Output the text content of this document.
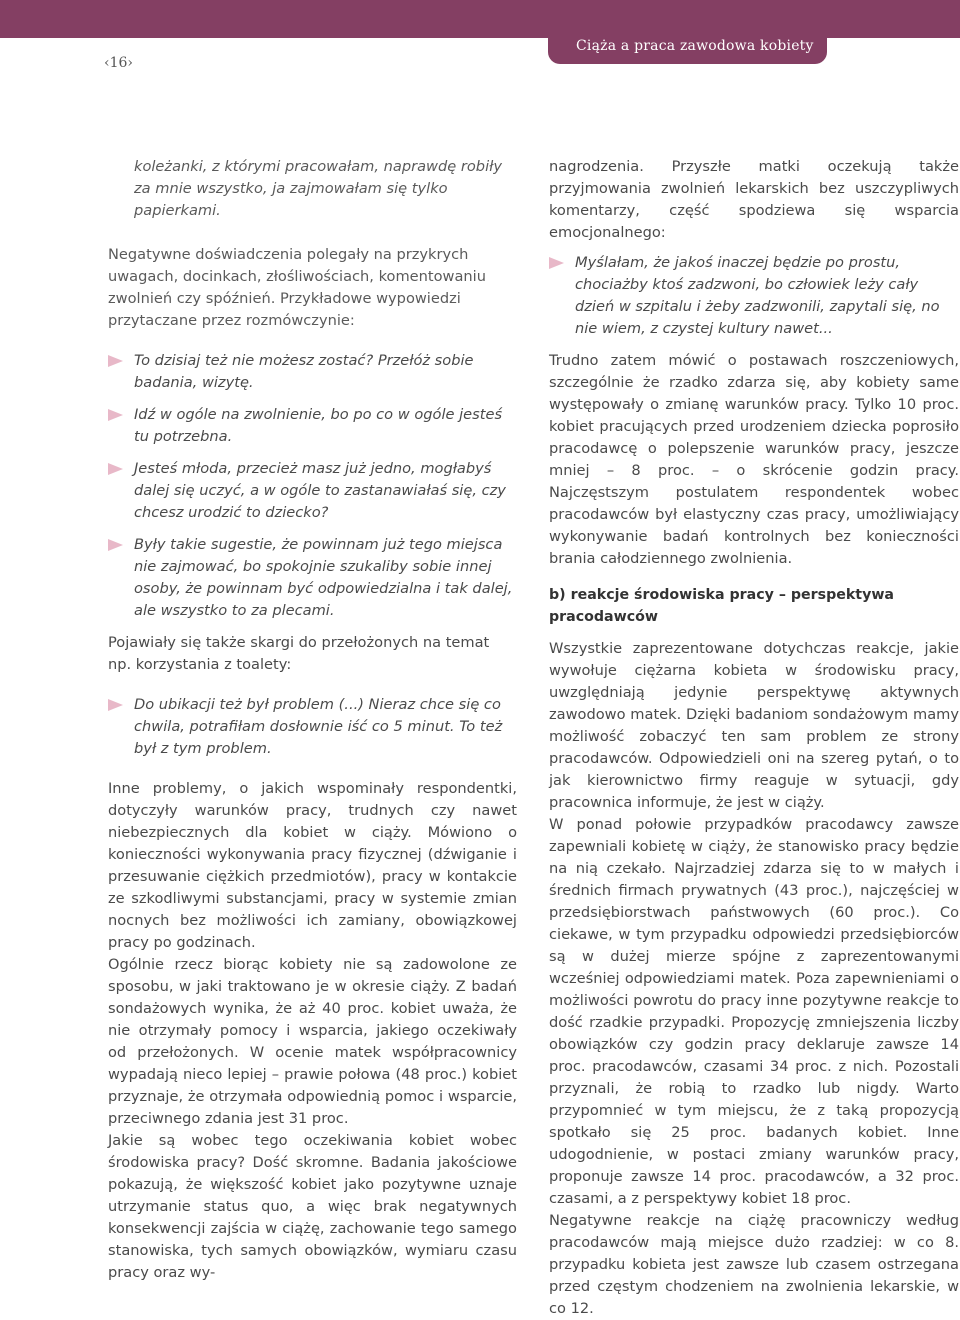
Ciąża a praca zawodowa kobiety
‹16›

koleżanki, z którymi pracowałam, naprawdę robiły za mnie wszystko, ja zajmowałam się tylko papierkami.

Negatywne doświadczenia polegały na przykrych uwagach, docinkach, złośliwościach, komentowaniu zwolnień czy spóźnień. Przykładowe wypowiedzi przytaczane przez rozmówczynie:

To dzisiaj też nie możesz zostać? Przełóż sobie badania, wizytę.
Idź w ogóle na zwolnienie, bo po co w ogóle jesteś tu potrzebna.
Jesteś młoda, przecież masz już jedno, mogłabyś dalej się uczyć, a w ogóle to zastanawiałaś się, czy chcesz urodzić to dziecko?
Były takie sugestie, że powinnam już tego miejsca nie zajmować, bo spokojnie szukaliby sobie innej osoby, że powinnam być odpowiedzialna i tak dalej, ale wszystko to za plecami.

Pojawiały się także skargi do przełożonych na temat np. korzystania z toalety:

Do ubikacji też był problem (...) Nieraz chce się co chwila, potrafiłam dosłownie iść co 5 minut. To też był z tym problem.

Inne problemy, o jakich wspominały respondentki, dotyczyły warunków pracy, trudnych czy nawet niebezpiecznych dla kobiet w ciąży. Mówiono o konieczności wykonywania pracy fizycznej (dźwiganie i przesuwanie ciężkich przedmiotów), pracy w kontakcie ze szkodliwymi substancjami, pracy w systemie zmian nocnych bez możliwości ich zamiany, obowiązkowej pracy po godzinach.

Ogólnie rzecz biorąc kobiety nie są zadowolone ze sposobu, w jaki traktowano je w okresie ciąży. Z badań sondażowych wynika, że aż 40 proc. kobiet uważa, że nie otrzymały pomocy i wsparcia, jakiego oczekiwały od przełożonych. W ocenie matek współpracownicy wypadają nieco lepiej – prawie połowa (48 proc.) kobiet przyznaje, że otrzymała odpowiednią pomoc i wsparcie, przeciwnego zdania jest 31 proc.

Jakie są wobec tego oczekiwania kobiet wobec środowiska pracy? Dość skromne. Badania jakościowe pokazują, że większość kobiet jako pozytywne uznaje utrzymanie status quo, a więc brak negatywnych konsekwencji zajścia w ciążę, zachowanie tego samego stanowiska, tych samych obowiązków, wymiaru czasu pracy oraz wy-

nagrodzenia. Przyszłe matki oczekują także przyjmowania zwolnień lekarskich bez uszczypliwych komentarzy, część spodziewa się wsparcia emocjonalnego:

Myślałam, że jakoś inaczej będzie po prostu, chociażby ktoś zadzwoni, bo człowiek leży cały dzień w szpitalu i żeby zadzwonili, zapytali się, no nie wiem, z czystej kultury nawet...

Trudno zatem mówić o postawach roszczeniowych, szczególnie że rzadko zdarza się, aby kobiety same występowały o zmianę warunków pracy. Tylko 10 proc. kobiet pracujących przed urodzeniem dziecka poprosiło pracodawcę o polepszenie warunków pracy, jeszcze mniej – 8 proc. – o skrócenie godzin pracy. Najczęstszym postulatem respondentek wobec pracodawców był elastyczny czas pracy, umożliwiający wykonywanie badań kontrolnych bez konieczności brania całodziennego zwolnienia.

b) reakcje środowiska pracy – perspektywa pracodawców

Wszystkie zaprezentowane dotychczas reakcje, jakie wywołuje ciężarna kobieta w środowisku pracy, uwzględniają jedynie perspektywę aktywnych zawodowo matek. Dzięki badaniom sondażowym mamy możliwość zobaczyć ten sam problem ze strony pracodawców. Odpowiedzieli oni na szereg pytań, o to jak kierownictwo firmy reaguje w sytuacji, gdy pracownica informuje, że jest w ciąży.

W ponad połowie przypadków pracodawcy zawsze zapewniali kobietę w ciąży, że stanowisko pracy będzie na nią czekało. Najrzadziej zdarza się to w małych i średnich firmach prywatnych (43 proc.), najczęściej w przedsiębiorstwach państwowych (60 proc.). Co ciekawe, w tym przypadku odpowiedzi przedsiębiorców są w dużej mierze spójne z zaprezentowanymi wcześniej odpowiedziami matek. Poza zapewnieniami o możliwości powrotu do pracy inne pozytywne reakcje to dość rzadkie przypadki. Propozycję zmniejszenia liczby obowiązków czy godzin pracy deklaruje zawsze 14 proc. pracodawców, czasami 34 proc. z nich. Pozostali przyznali, że robią to rzadko lub nigdy. Warto przypomnieć w tym miejscu, że z taką propozycją spotkało się 25 proc. badanych kobiet. Inne udogodnienie, w postaci zmiany warunków pracy, proponuje zawsze 14 proc. pracodawców, a 32 proc. czasami, a z perspektywy kobiet 18 proc.

Negatywne reakcje na ciążę pracowniczy według pracodawców mają miejsce dużo rzadziej: w co 8. przypadku kobieta jest zawsze lub czasem ostrzegana przed częstym chodzeniem na zwolnienia lekarskie, w co 12.
